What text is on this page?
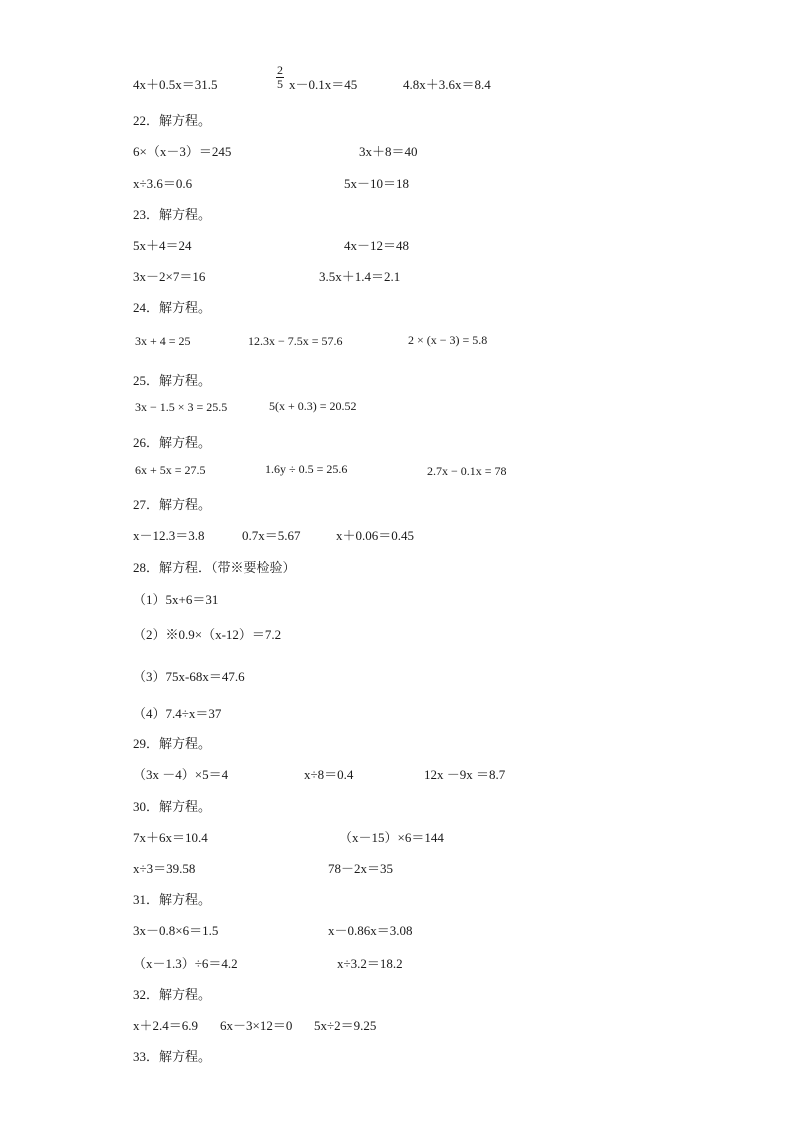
4x＋0.5x＝31.5	$\frac{2}{5} x-0.1x=45$	4.8x＋3.6x＝8.4
22．解方程。
6×（x－3）＝245	3x＋8＝40
x÷3.6＝0.6	5x－10＝18
23．解方程。
5x＋4＝24	4x－12＝48
3x－2×7＝16	3.5x＋1.4＝2.1
24．解方程。
3x + 4 = 25	12.3x − 7.5x = 57.6	2 × (x − 3) = 5.8
25．解方程。
3x − 1.5 × 3 = 25.5	5(x + 0.3) = 20.52
26．解方程。
6x + 5x = 27.5	1.6y ÷ 0.5 = 25.6	2.7x − 0.1x = 78
27．解方程。
x－12.3＝3.8	0.7x＝5.67	x＋0.06＝0.45
28．解方程．（带※要检验）
（1）5x+6＝31
（2）※0.9×（x-12）＝7.2
（3）75x-68x＝47.6
（4）7.4÷x＝37
29．解方程。
（3x －4）×5＝4	x÷8＝0.4	12x －9x ＝8.7
30．解方程。
7x＋6x＝10.4	（x－15）×6＝144
x÷3＝39.58	78－2x＝35
31．解方程。
3x－0.8×6＝1.5	x－0.86x＝3.08
（x－1.3）÷6＝4.2	x÷3.2＝18.2
32．解方程。
x＋2.4＝6.9 6x－3×12＝0 5x÷2＝9.25
33．解方程。
